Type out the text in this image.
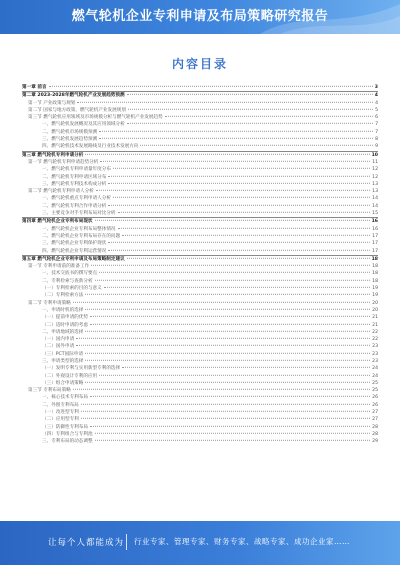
燃气轮机企业专利申请及布局策略研究报告
内容目录
第一章 前言	3
第二章 2023-2028年燃气轮机产业发展趋势预测	4
第一节 产业政策与规划	4
第二节 国家与地方政策、燃气轮机产业发展规划	5
第三节 燃气轮机应用领域及市场规模分析与燃气轮机产业发展趋势	6
一、燃气轮机发展概况及其应用领域分析	7
二、燃气轮机市场规模预测	7
三、燃气轮机发展趋势预测	8
四、燃气轮机技术发展路线及行业技术发展方向	9
第三章 燃气轮机专利申请分析	10
第一节 燃气轮机专利申请趋势分析	11
一、燃气轮机专利申请量年度分布	12
二、燃气轮机专利申请区域分布	12
三、燃气轮机专利技术构成分析	13
第二节 燃气轮机专利申请人分析	13
一、燃气轮机重点专利申请人分析	14
二、燃气轮机专利合作申请分析	14
三、主要竞争对手专利布局对比分析	15
第四章 燃气轮机企业专利布局现状	16
一、燃气轮机企业专利布局整体情况	16
二、燃气轮机企业专利布局存在的问题	17
三、燃气轮机企业专利保护现状	17
四、燃气轮机企业专利运营情况	17
第五章 燃气轮机企业专利申请及布局策略制定建议	18
第一节 专利申请前的准备工作	18
一、技术交底书的撰写要点	18
二、专利检索与查新分析	18
（一）专利检索的目的与意义	19
（二）专利检索方法	19
第二节 专利申请策略	20
一、申请时机的选择	20
（一）提前申请的优势	21
（二）适时申请的考虑	21
二、申请地域的选择	22
（一）国内申请	22
（二）国外申请	23
（三）PCT国际申请	23
三、申请类型的选择	23
（一）发明专利与实用新型专利的选择	24
（二）外观设计专利的应用	24
（三）组合申请策略	25
第三节 专利布局策略	25
一、核心技术专利布局	26
二、外围专利布局	26
（一）改进型专利	27
（二）应用型专利	27
（三）防御性专利布局	28
（四）专利组合与专利池	28
三、专利布局的动态调整	29
让每个人都能成为 行业专家、管理专家、财务专家、战略专家、成功企业家……
